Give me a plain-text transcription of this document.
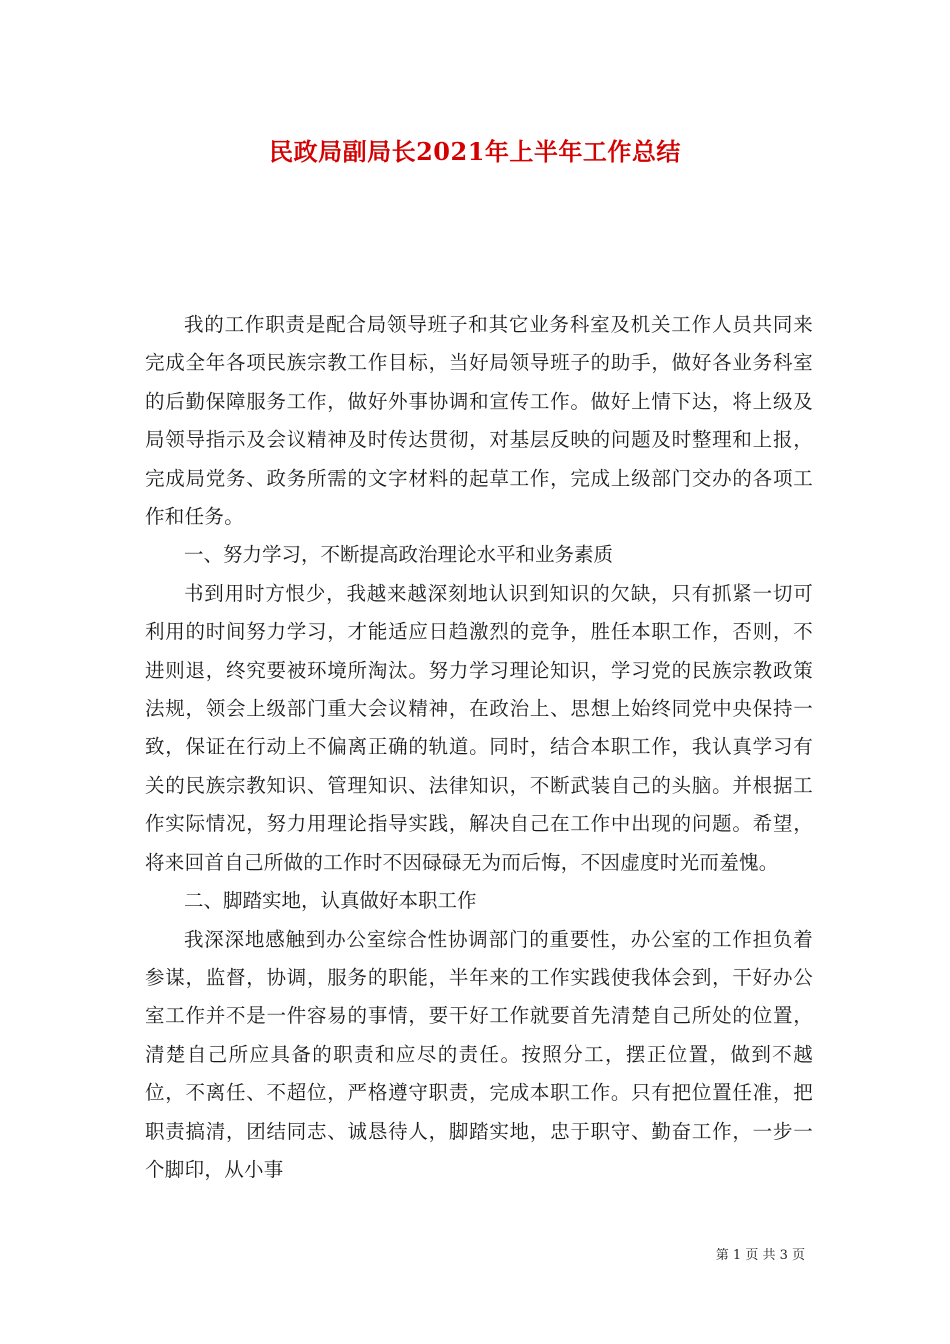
民政局副局长2021年上半年工作总结

我的工作职责是配合局领导班子和其它业务科室及机关工作人员共同来完成全年各项民族宗教工作目标，当好局领导班子的助手，做好各业务科室的后勤保障服务工作，做好外事协调和宣传工作。做好上情下达，将上级及局领导指示及会议精神及时传达贯彻，对基层反映的问题及时整理和上报，完成局党务、政务所需的文字材料的起草工作，完成上级部门交办的各项工作和任务。

一、努力学习，不断提高政治理论水平和业务素质

书到用时方恨少，我越来越深刻地认识到知识的欠缺，只有抓紧一切可利用的时间努力学习，才能适应日趋激烈的竞争，胜任本职工作，否则，不进则退，终究要被环境所淘汰。努力学习理论知识，学习党的民族宗教政策法规，领会上级部门重大会议精神，在政治上、思想上始终同党中央保持一致，保证在行动上不偏离正确的轨道。同时，结合本职工作，我认真学习有关的民族宗教知识、管理知识、法律知识，不断武装自己的头脑。并根据工作实际情况，努力用理论指导实践，解决自己在工作中出现的问题。希望，将来回首自己所做的工作时不因碌碌无为而后悔，不因虚度时光而羞愧。

二、脚踏实地，认真做好本职工作

我深深地感触到办公室综合性协调部门的重要性，办公室的工作担负着参谋，监督，协调，服务的职能，半年来的工作实践使我体会到，干好办公室工作并不是一件容易的事情，要干好工作就要首先清楚自己所处的位置，清楚自己所应具备的职责和应尽的责任。按照分工，摆正位置，做到不越位，不离任、不超位，严格遵守职责，完成本职工作。只有把位置任准，把职责搞清，团结同志、诚恳待人，脚踏实地，忠于职守、勤奋工作，一步一个脚印，从小事

第 1 页 共 3 页
